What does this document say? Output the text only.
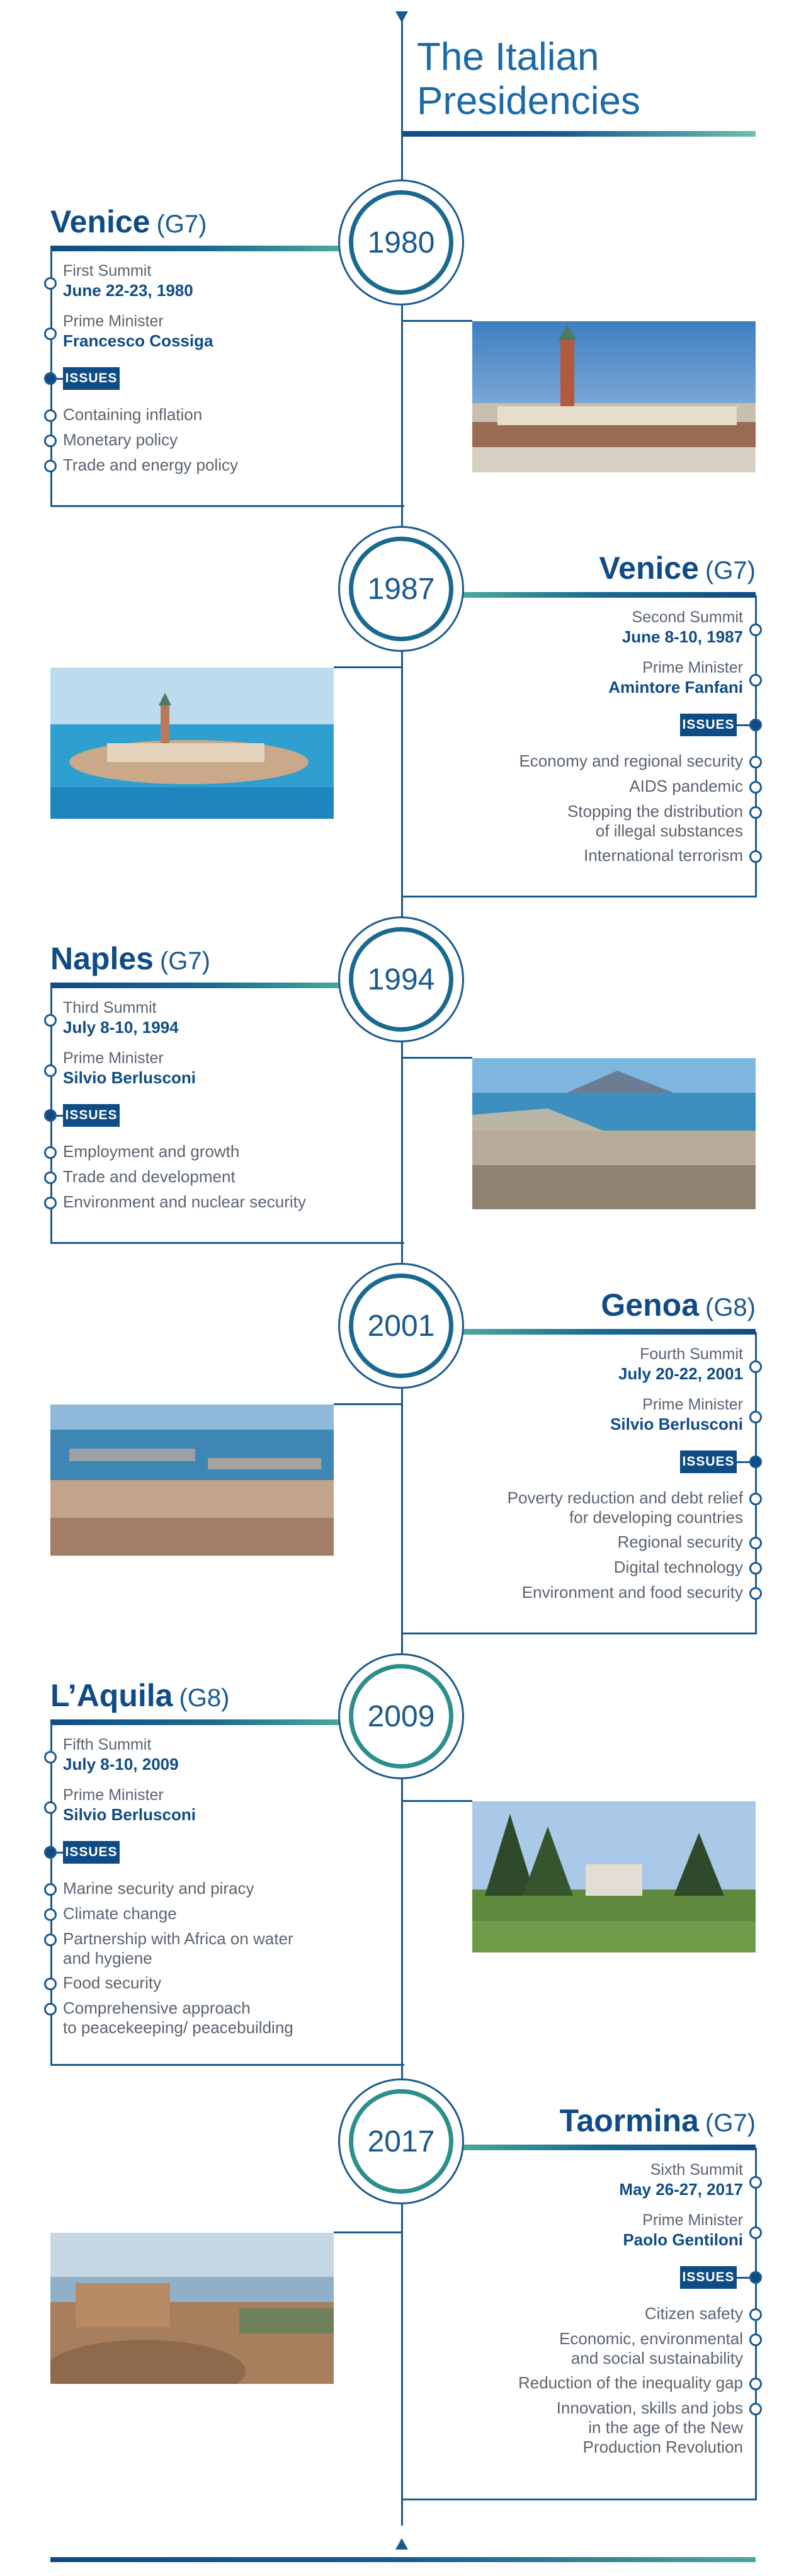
The Italian
Presidencies
1980
Venice (G7)
First Summit
June 22-23, 1980
Prime Minister
Francesco Cossiga
ISSUES
Containing inflation
Monetary policy
Trade and energy policy
1987
Venice (G7)
Second Summit
June 8-10, 1987
Prime Minister
Amintore Fanfani
ISSUES
Economy and regional security
AIDS pandemic
Stopping the distribution
of illegal substances
International terrorism
1994
Naples (G7)
Third Summit
July 8-10, 1994
Prime Minister
Silvio Berlusconi
ISSUES
Employment and growth
Trade and development
Environment and nuclear security
2001
Genoa (G8)
Fourth Summit
July 20-22, 2001
Prime Minister
Silvio Berlusconi
ISSUES
Poverty reduction and debt relief
for developing countries
Regional security
Digital technology
Environment and food security
2009
L’Aquila (G8)
Fifth Summit
July 8-10, 2009
Prime Minister
Silvio Berlusconi
ISSUES
Marine security and piracy
Climate change
Partnership with Africa on water
and hygiene
Food security
Comprehensive approach
to peacekeeping/ peacebuilding
2017
Taormina (G7)
Sixth Summit
May 26-27, 2017
Prime Minister
Paolo Gentiloni
ISSUES
Citizen safety
Economic, environmental
and social sustainability
Reduction of the inequality gap
Innovation, skills and jobs
in the age of the New
Production Revolution
